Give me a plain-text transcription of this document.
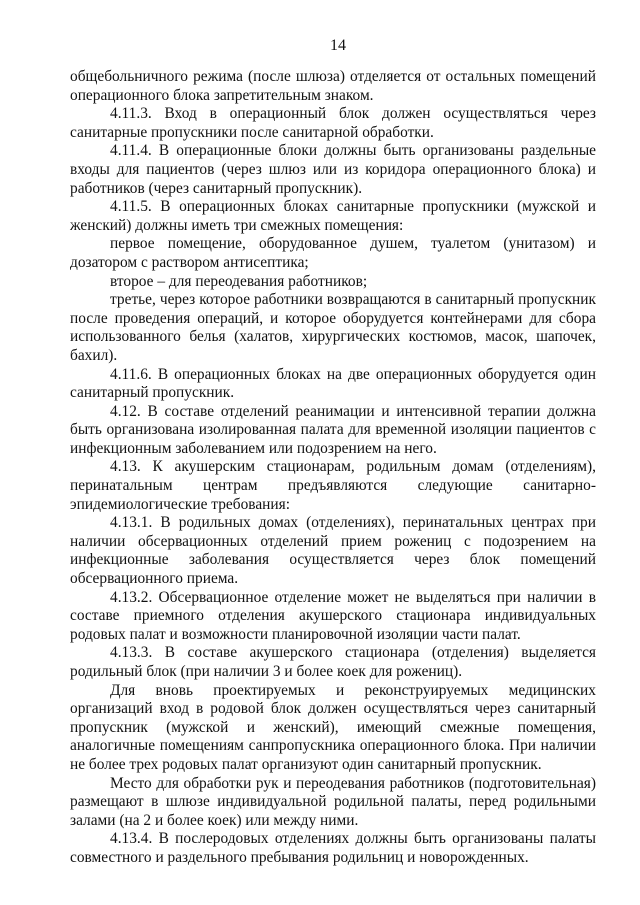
14

общебольничного режима (после шлюза) отделяется от остальных помещений операционного блока запретительным знаком.

4.11.3. Вход в операционный блок должен осуществляться через санитарные пропускники после санитарной обработки.

4.11.4. В операционные блоки должны быть организованы раздельные входы для пациентов (через шлюз или из коридора операционного блока) и работников (через санитарный пропускник).

4.11.5. В операционных блоках санитарные пропускники (мужской и женский) должны иметь три смежных помещения:

первое помещение, оборудованное душем, туалетом (унитазом) и дозатором с раствором антисептика;

второе – для переодевания работников;

третье, через которое работники возвращаются в санитарный пропускник после проведения операций, и которое оборудуется контейнерами для сбора использованного белья (халатов, хирургических костюмов, масок, шапочек, бахил).

4.11.6. В операционных блоках на две операционных оборудуется один санитарный пропускник.

4.12. В составе отделений реанимации и интенсивной терапии должна быть организована изолированная палата для временной изоляции пациентов с инфекционным заболеванием или подозрением на него.

4.13. К акушерским стационарам, родильным домам (отделениям), перинатальным центрам предъявляются следующие санитарно-эпидемиологические требования:

4.13.1. В родильных домах (отделениях), перинатальных центрах при наличии обсервационных отделений прием рожениц с подозрением на инфекционные заболевания осуществляется через блок помещений обсервационного приема.

4.13.2. Обсервационное отделение может не выделяться при наличии в составе приемного отделения акушерского стационара индивидуальных родовых палат и возможности планировочной изоляции части палат.

4.13.3. В составе акушерского стационара (отделения) выделяется родильный блок (при наличии 3 и более коек для рожениц).

Для вновь проектируемых и реконструируемых медицинских организаций вход в родовой блок должен осуществляться через санитарный пропускник (мужской и женский), имеющий смежные помещения, аналогичные помещениям санпропускника операционного блока. При наличии не более трех родовых палат организуют один санитарный пропускник.

Место для обработки рук и переодевания работников (подготовительная) размещают в шлюзе индивидуальной родильной палаты, перед родильными залами (на 2 и более коек) или между ними.

4.13.4. В послеродовых отделениях должны быть организованы палаты совместного и раздельного пребывания родильниц и новорожденных.
